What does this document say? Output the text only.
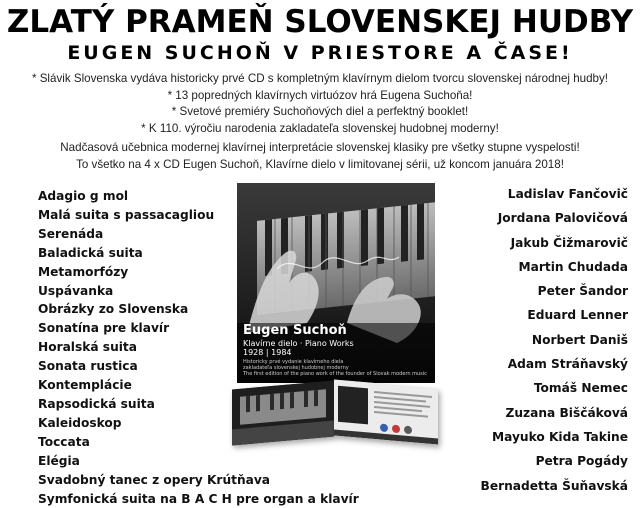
ZLATÝ PRAMEŇ SLOVENSKEJ HUDBY
EUGEN SUCHOŇ V PRIESTORE A ČASE!
* Slávik Slovenska vydáva historicky prvé CD s kompletným klavírnym dielom tvorcu slovenskej národnej hudby!
* 13 popredných klavírnych virtuózov hrá Eugena Suchoňa!
* Svetové premiéry Suchoňových diel a perfektný booklet!
* K 110. výročiu narodenia zakladateľa slovenskej hudobnej moderny!
Nadčasová učebnica modernej klavírnej interpretácie slovenskej klasiky pre všetky stupne vyspelosti!
To všetko na 4 x CD Eugen Suchoň, Klavírne dielo v limitovanej sérii, už koncom januára 2018!
Adagio g mol
Malá suita s passacagliou
Serenáda
Baladická suita
Metamorfózy
Uspávanka
Obrázky zo Slovenska
Sonatína pre klavír
Horalská suita
Sonata rustica
Kontemplácie
Rapsodická suita
Kaleidoskop
Toccata
Elégia
Svadobný tanec z opery Krútňava
Symfonická suita na B A C H pre organ a klavír
Ladislav Fančovič
Jordana Palovičová
Jakub Čižmarovič
Martin Chudada
Peter Šandor
Eduard Lenner
Norbert Daniš
Adam Stráňavský
Tomáš Nemec
Zuzana Biščáková
Mayuko Kida Takine
Petra Pogády
Bernadetta Šuňavská
Eugen Suchoň
Klavírne dielo · Piano Works
1928 | 1984
Historicky prvé vydanie klavírneho diela
zakladateľa slovenskej hudobnej moderny
The first edition of the piano work of the founder of Slovak modern music
